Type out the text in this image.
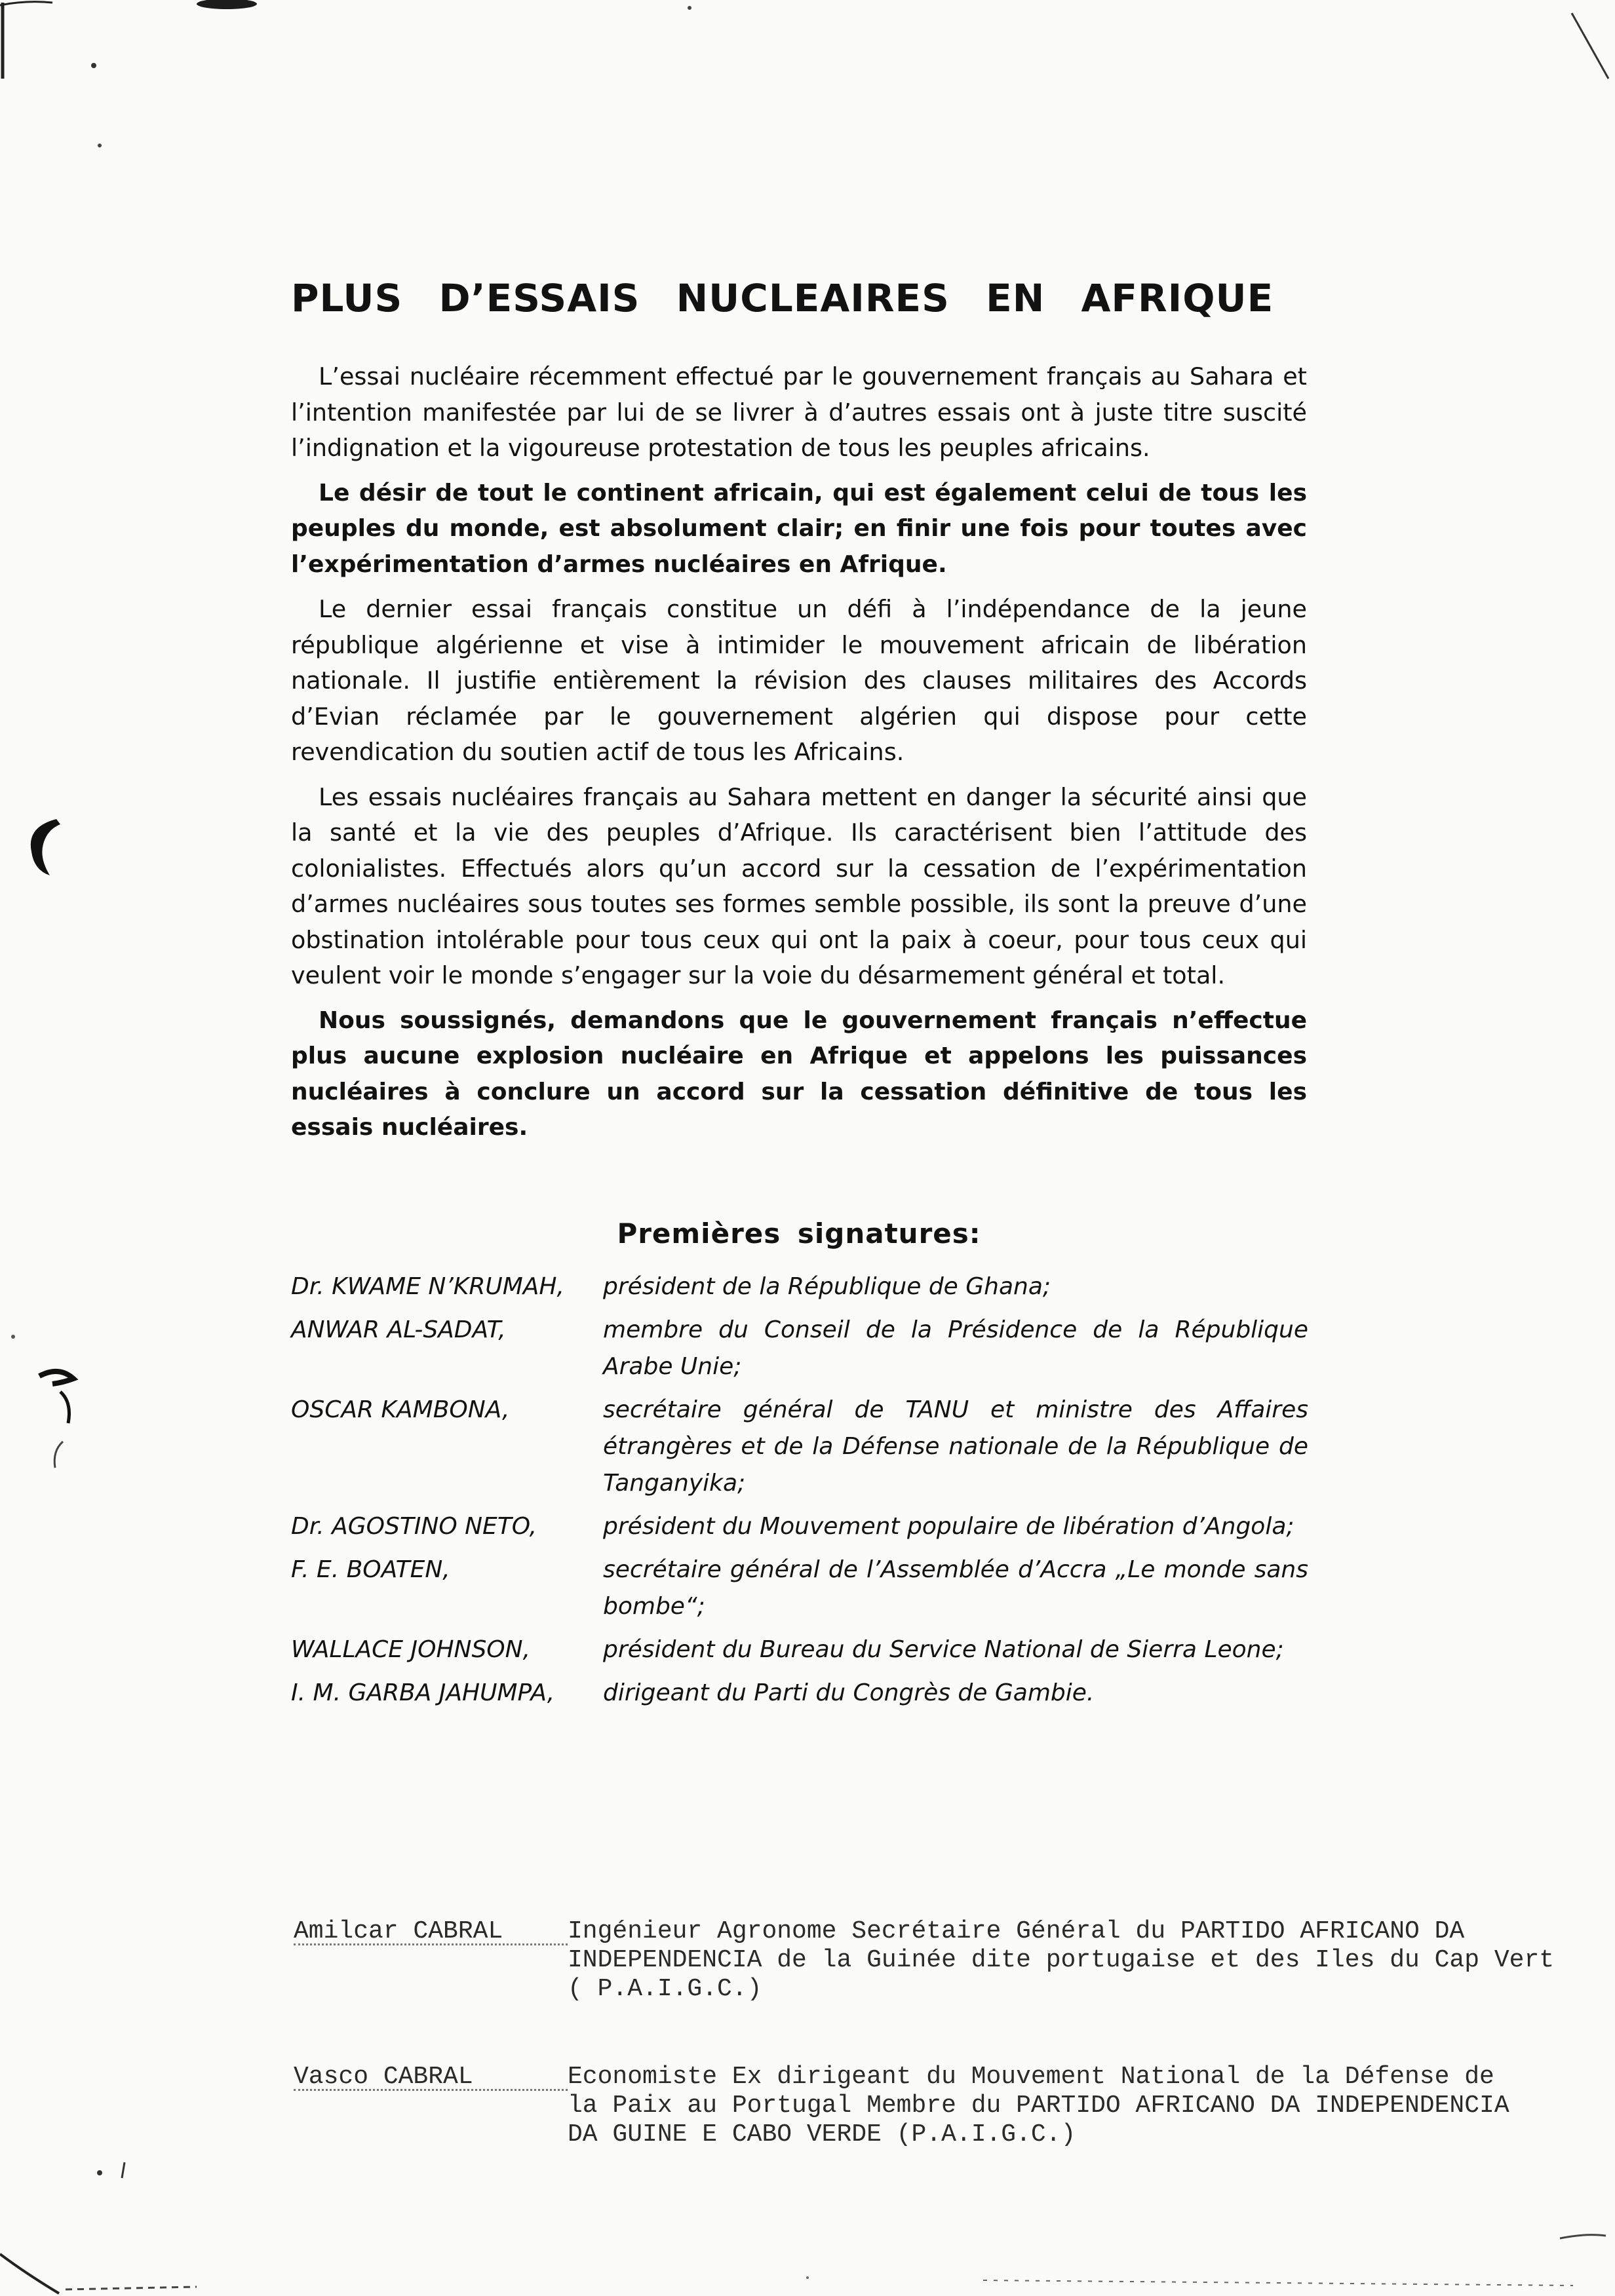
PLUS D’ESSAIS NUCLEAIRES EN AFRIQUE

L’essai nucléaire récemment effectué par le gouvernement français au Sahara et l’intention manifestée par lui de se livrer à d’autres essais ont à juste titre suscité l’indignation et la vigoureuse protestation de tous les peuples africains.

Le désir de tout le continent africain, qui est également celui de tous les peuples du monde, est absolument clair; en finir une fois pour toutes avec l’expérimentation d’armes nucléaires en Afrique.

Le dernier essai français constitue un défi à l’indépendance de la jeune république algérienne et vise à intimider le mouvement africain de libération nationale. Il justifie entièrement la révision des clauses militaires des Accords d’Evian réclamée par le gouvernement algérien qui dispose pour cette revendication du soutien actif de tous les Africains.

Les essais nucléaires français au Sahara mettent en danger la sécurité ainsi que la santé et la vie des peuples d’Afrique. Ils caractérisent bien l’attitude des colonialistes. Effectués alors qu’un accord sur la cessation de l’expérimentation d’armes nucléaires sous toutes ses formes semble possible, ils sont la preuve d’une obstination intolérable pour tous ceux qui ont la paix à coeur, pour tous ceux qui veulent voir le monde s’engager sur la voie du désarmement général et total.

Nous soussignés, demandons que le gouvernement français n’effectue plus aucune explosion nucléaire en Afrique et appelons les puissances nucléaires à conclure un accord sur la cessation définitive de tous les essais nucléaires.

Premières signatures:
Dr. KWAME N’KRUMAH,	président de la République de Ghana;
ANWAR AL-SADAT,	membre du Conseil de la Présidence de la République Arabe Unie;
OSCAR KAMBONA,	secrétaire général de TANU et ministre des Affaires étrangères et de la Défense nationale de la République de Tanganyika;
Dr. AGOSTINO NETO,	président du Mouvement populaire de libération d’Angola;
F. E. BOATEN,	secrétaire général de l’Assemblée d’Accra „Le monde sans bombe“;
WALLACE JOHNSON,	président du Bureau du Service National de Sierra Leone;
I. M. GARBA JAHUMPA,	dirigeant du Parti du Congrès de Gambie.
Amilcar CABRAL	Ingénieur Agronome Secrétaire Général du PARTIDO AFRICANO DA
INDEPENDENCIA de la Guinée dite portugaise et des Iles du Cap Vert
( P.A.I.G.C.)
Vasco CABRAL	Economiste Ex dirigeant du Mouvement National de la Défense de
la Paix au Portugal Membre du PARTIDO AFRICANO DA INDEPENDENCIA
DA GUINE E CABO VERDE (P.A.I.G.C.)
